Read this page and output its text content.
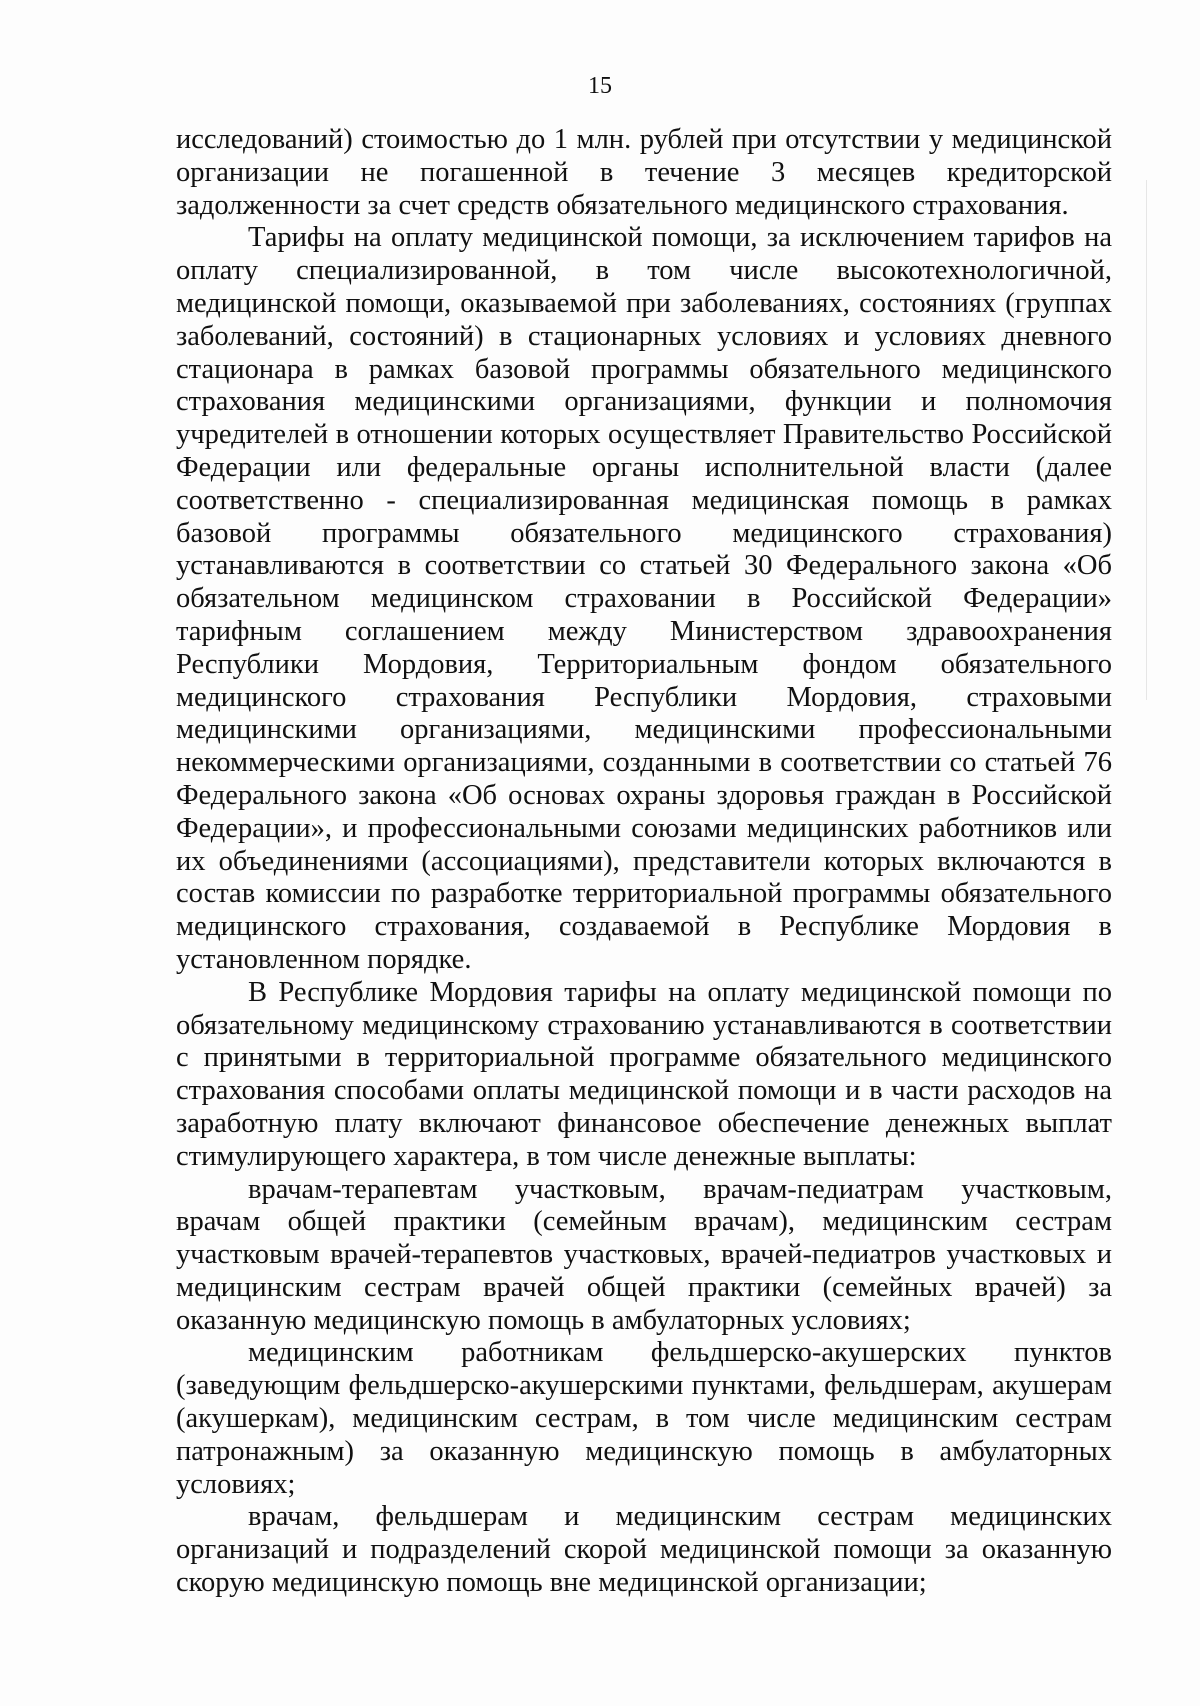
15

исследований) стоимостью до 1 млн. рублей при отсутствии у медицинской организации не погашенной в течение 3 месяцев кредиторской задолженности за счет средств обязательного медицинского страхования.

Тарифы на оплату медицинской помощи, за исключением тарифов на оплату специализированной, в том числе высокотехнологичной, медицинской помощи, оказываемой при заболеваниях, состояниях (группах заболеваний, состояний) в стационарных условиях и условиях дневного стационара в рамках базовой программы обязательного медицинского страхования медицинскими организациями, функции и полномочия учредителей в отношении которых осуществляет Правительство Российской Федерации или федеральные органы исполнительной власти (далее соответственно - специализированная медицинская помощь в рамках базовой программы обязательного медицинского страхования) устанавливаются в соответствии со статьей 30 Федерального закона «Об обязательном медицинском страховании в Российской Федерации» тарифным соглашением между Министерством здравоохранения Республики Мордовия, Территориальным фондом обязательного медицинского страхования Республики Мордовия, страховыми медицинскими организациями, медицинскими профессиональными некоммерческими организациями, созданными в соответствии со статьей 76 Федерального закона «Об основах охраны здоровья граждан в Российской Федерации», и профессиональными союзами медицинских работников или их объединениями (ассоциациями), представители которых включаются в состав комиссии по разработке территориальной программы обязательного медицинского страхования, создаваемой в Республике Мордовия в установленном порядке.

В Республике Мордовия тарифы на оплату медицинской помощи по обязательному медицинскому страхованию устанавливаются в соответствии с принятыми в территориальной программе обязательного медицинского страхования способами оплаты медицинской помощи и в части расходов на заработную плату включают финансовое обеспечение денежных выплат стимулирующего характера, в том числе денежные выплаты:

врачам-терапевтам участковым, врачам-педиатрам участковым, врачам общей практики (семейным врачам), медицинским сестрам участковым врачей-терапевтов участковых, врачей-педиатров участковых и медицинским сестрам врачей общей практики (семейных врачей) за оказанную медицинскую помощь в амбулаторных условиях;

медицинским работникам фельдшерско-акушерских пунктов (заведующим фельдшерско-акушерскими пунктами, фельдшерам, акушерам (акушеркам), медицинским сестрам, в том числе медицинским сестрам патронажным) за оказанную медицинскую помощь в амбулаторных условиях;

врачам, фельдшерам и медицинским сестрам медицинских организаций и подразделений скорой медицинской помощи за оказанную скорую медицинскую помощь вне медицинской организации;
